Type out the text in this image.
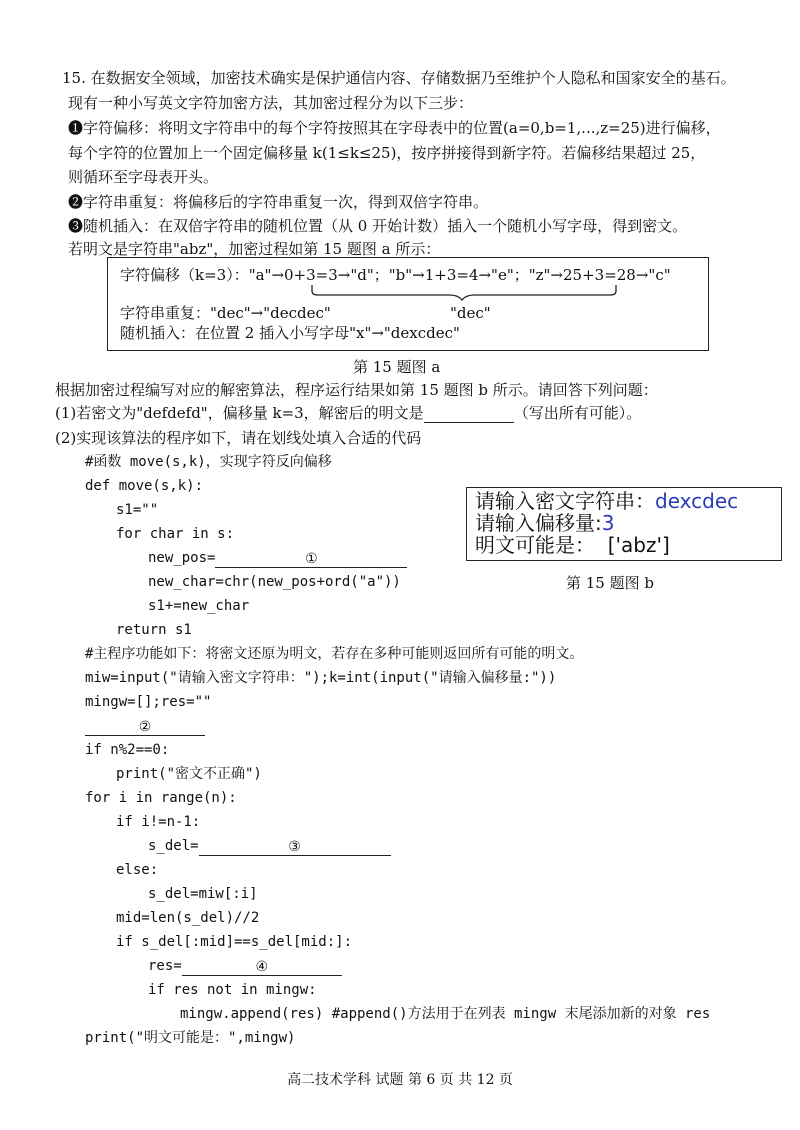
15. 在数据安全领域，加密技术确实是保护通信内容、存储数据乃至维护个人隐私和国家安全的基石。
现有一种小写英文字符加密方法，其加密过程分为以下三步：
❶字符偏移：将明文字符串中的每个字符按照其在字母表中的位置(a=0,b=1,...,z=25)进行偏移，
每个字符的位置加上一个固定偏移量 k(1≤k≤25)，按序拼接得到新字符。若偏移结果超过 25，
则循环至字母表开头。
❷字符串重复：将偏移后的字符串重复一次，得到双倍字符串。
❸随机插入：在双倍字符串的随机位置（从 0 开始计数）插入一个随机小写字母，得到密文。
若明文是字符串"abz"，加密过程如第 15 题图 a 所示：
字符偏移（k=3）："a"→0+3=3→"d"；"b"→1+3=4→"e"；"z"→25+3=28→"c"
"dec"
字符串重复："dec"→"decdec"
随机插入：在位置 2 插入小写字母"x"→"dexcdec"
第 15 题图 a
根据加密过程编写对应的解密算法，程序运行结果如第 15 题图 b 所示。请回答下列问题：
(1)若密文为"defdefd"，偏移量 k=3，解密后的明文是	（写出所有可能）。
(2)实现该算法的程序如下，请在划线处填入合适的代码
#函数 move(s,k)，实现字符反向偏移
def move(s,k):
s1=""
for char in s:
new_pos=	①
new_char=chr(new_pos+ord("a"))
s1+=new_char
return s1
#主程序功能如下：将密文还原为明文，若存在多种可能则返回所有可能的明文。
miw=input("请输入密文字符串：");k=int(input("请输入偏移量:"))
mingw=[];res=""
②
if n%2==0:
print("密文不正确")
for i in range(n):
if i!=n-1:
s_del=	③
else:
s_del=miw[:i]
mid=len(s_del)//2
if s_del[:mid]==s_del[mid:]:
res=	④
if res not in mingw:
mingw.append(res) #append()方法用于在列表 mingw 末尾添加新的对象 res
print("明文可能是：",mingw)
请输入密文字符串：dexcdec
请输入偏移量:3
明文可能是： ['abz']
第 15 题图 b
高二技术学科 试题 第 6 页 共 12 页
